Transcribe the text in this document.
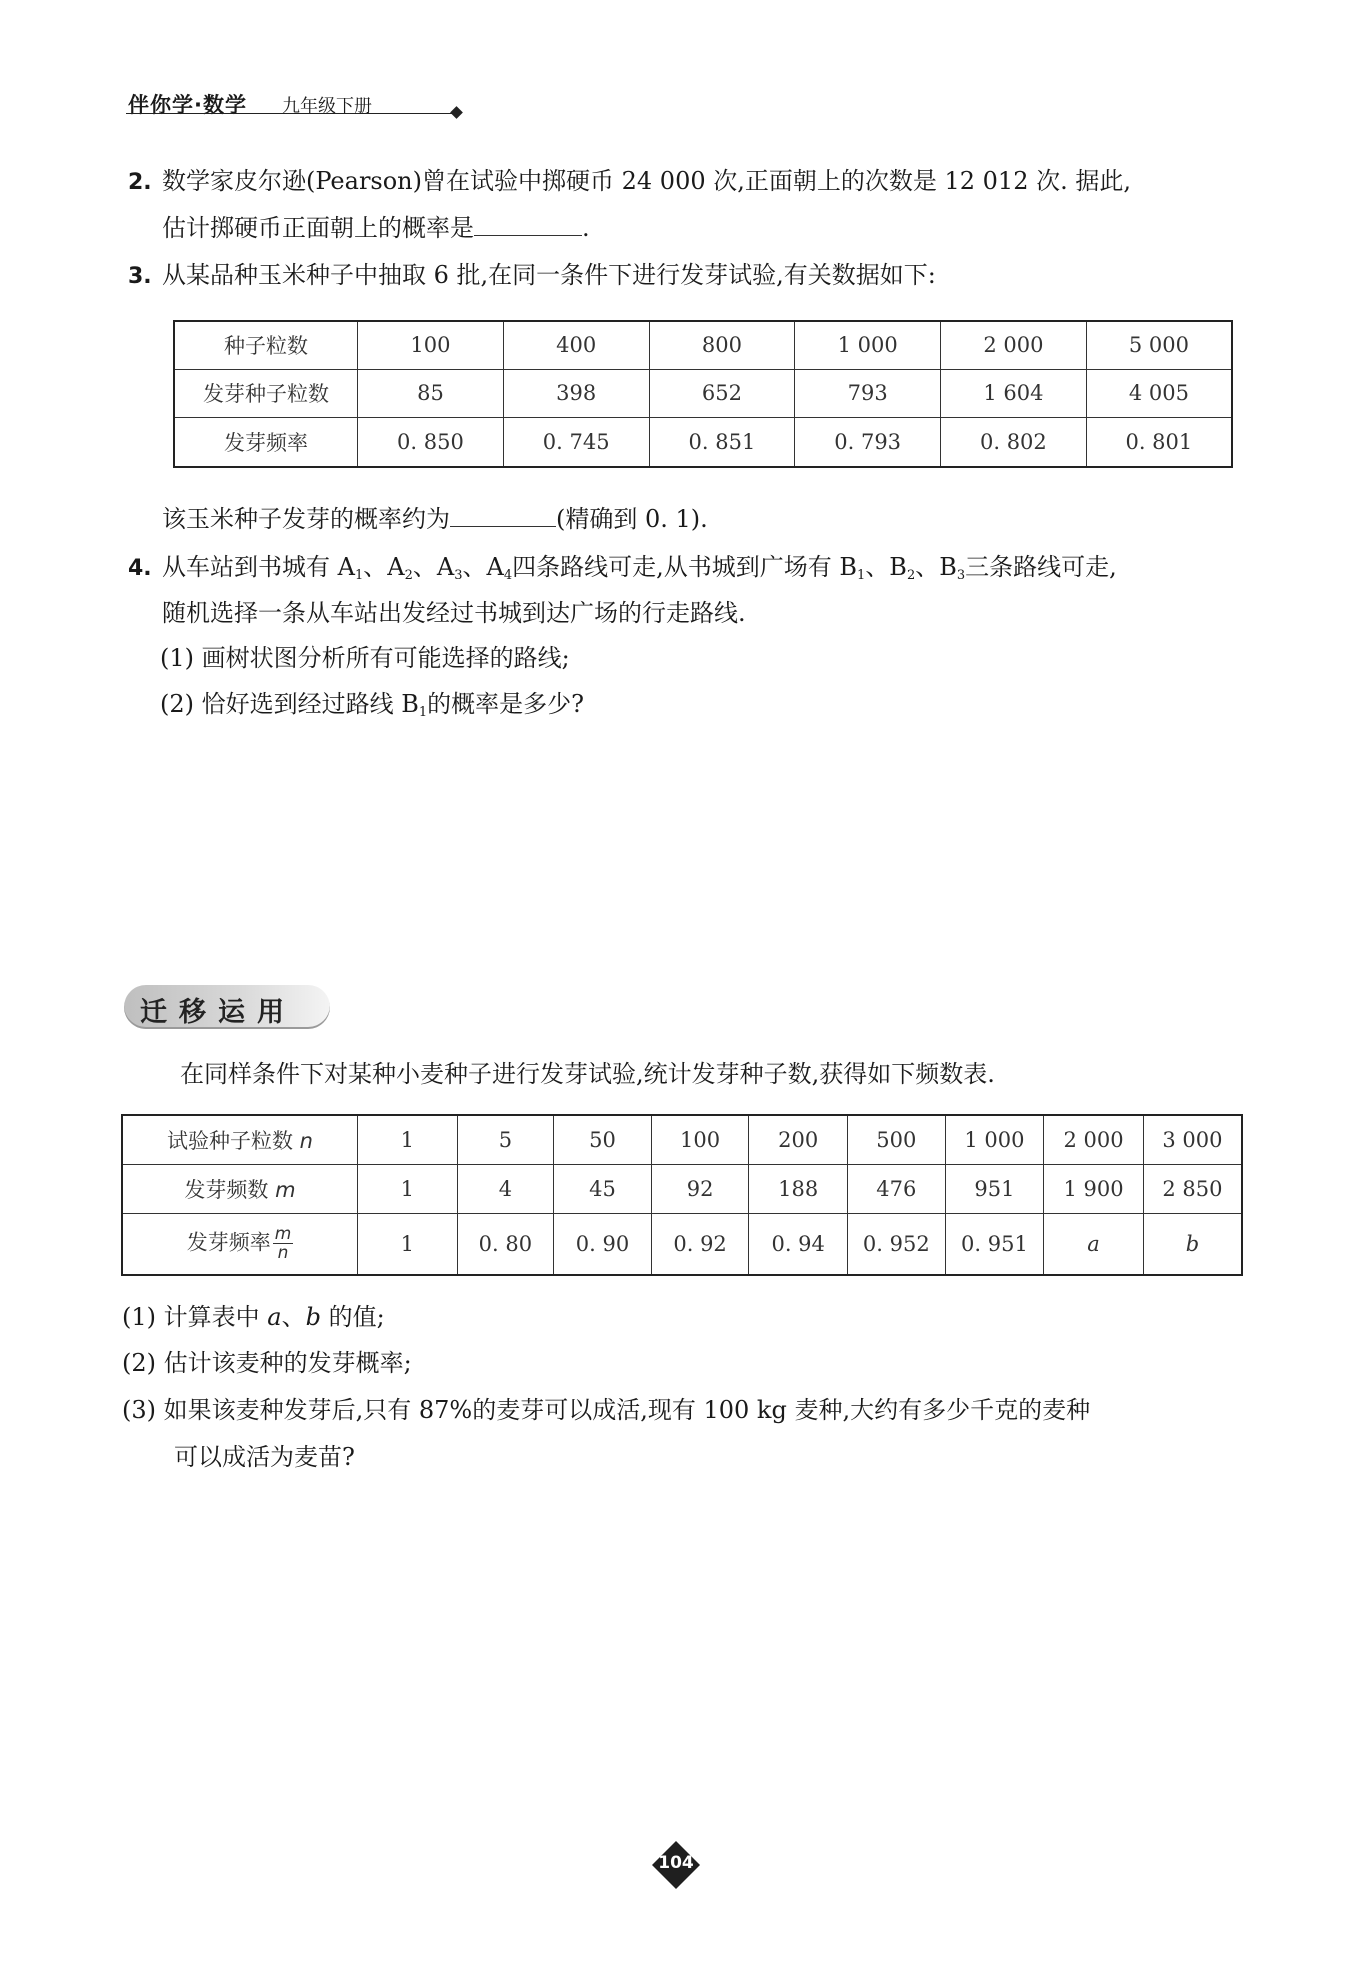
伴你学·数学 九年级下册
2. 数学家皮尔逊(Pearson)曾在试验中掷硬币 24 000 次,正面朝上的次数是 12 012 次. 据此,
估计掷硬币正面朝上的概率是	.
3. 从某品种玉米种子中抽取 6 批,在同一条件下进行发芽试验,有关数据如下:
种子粒数	100	400	800	1 000	2 000	5 000
发芽种子粒数	85	398	652	793	1 604	4 005
发芽频率	0. 850	0. 745	0. 851	0. 793	0. 802	0. 801
该玉米种子发芽的概率约为	(精确到 0. 1).
4. 从车站到书城有 $A_1$、$A_2$、$A_3$、$A_4$四条路线可走,从书城到广场有 $B_1$、$B_2$、$B_3$三条路线可走,
随机选择一条从车站出发经过书城到达广场的行走路线.
(1) 画树状图分析所有可能选择的路线;
(2) 恰好选到经过路线 $B_1$的概率是多少?
迁移运用
在同样条件下对某种小麦种子进行发芽试验,统计发芽种子数,获得如下频数表.
试验种子粒数 n	1	5	50	100	200	500	1 000	2 000	3 000
发芽频数 m	1	4	45	92	188	476	951	1 900	2 850
发芽频率 $\frac{m}{n}$	1	0. 80	0. 90	0. 92	0. 94	0. 952	0. 951	a	b
(1) 计算表中 a、b 的值;
(2) 估计该麦种的发芽概率;
(3) 如果该麦种发芽后,只有 87%的麦芽可以成活,现有 100 kg 麦种,大约有多少千克的麦种
可以成活为麦苗?
104
